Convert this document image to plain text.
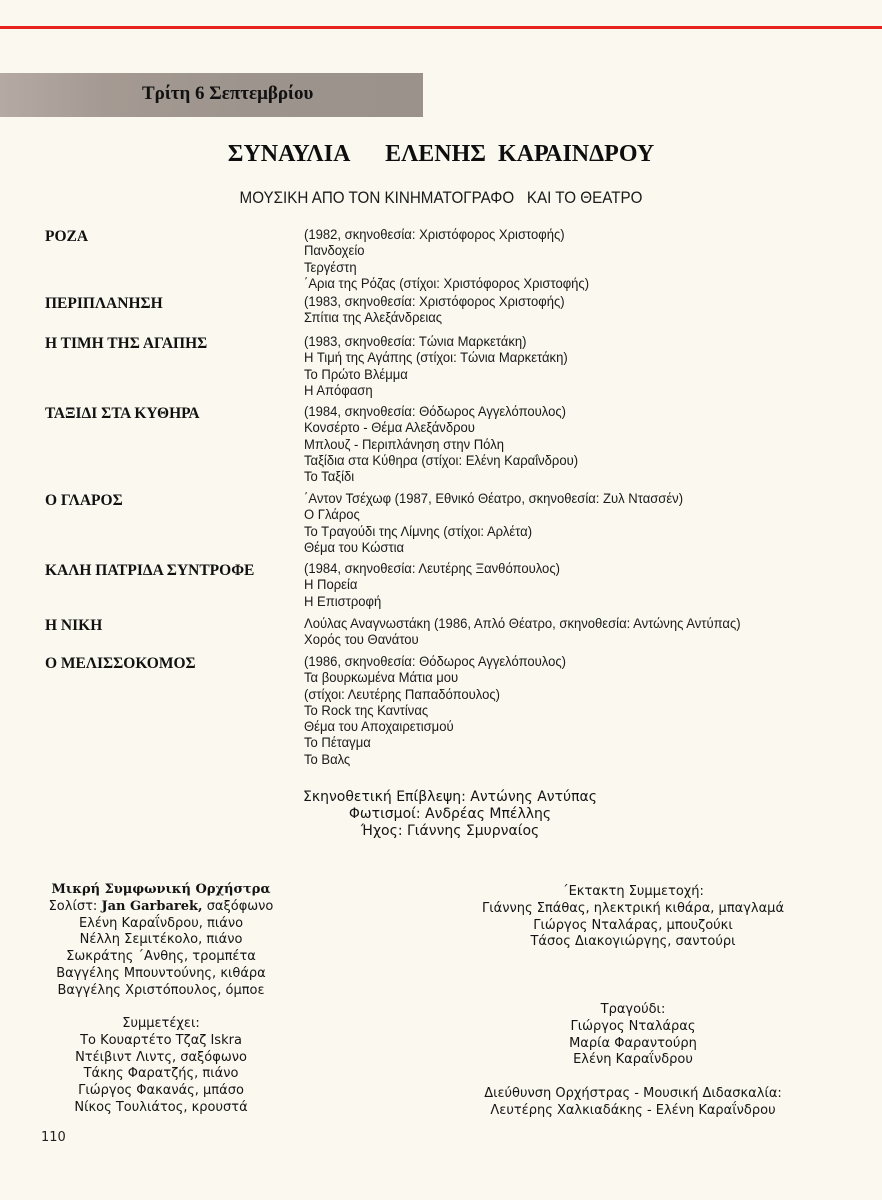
Τρίτη 6 Σεπτεμβρίου
ΣΥΝΑΥΛΙΑ   ΕΛΕΝΗΣ ΚΑΡΑΙΝΔΡΟΥ
ΜΟΥΣΙΚΗ ΑΠΟ ΤΟΝ ΚΙΝΗΜΑΤΟΓΡΑΦΟ   ΚΑΙ ΤΟ ΘΕΑΤΡΟ
ΡΟΖΑ	(1982, σκηνοθεσία: Χριστόφορος Χριστοφής)
Πανδοχείο
Τεργέστη
΄Αρια της Ρόζας (στίχοι: Χριστόφορος Χριστοφής)
ΠΕΡΙΠΛΑΝΗΣΗ	(1983, σκηνοθεσία: Χριστόφορος Χριστοφής)
Σπίτια της Αλεξάνδρειας
Η ΤΙΜΗ ΤΗΣ ΑΓΑΠΗΣ	(1983, σκηνοθεσία: Τώνια Μαρκετάκη)
Η Τιμή της Αγάπης (στίχοι: Τώνια Μαρκετάκη)
Το Πρώτο Βλέμμα
Η Απόφαση
ΤΑΞΙΔΙ ΣΤΑ ΚΥΘΗΡΑ	(1984, σκηνοθεσία: Θόδωρος Αγγελόπουλος)
Κονσέρτο - Θέμα Αλεξάνδρου
Μπλουζ - Περιπλάνηση στην Πόλη
Ταξίδια στα Κύθηρα (στίχοι: Ελένη Καραΐνδρου)
Το Ταξίδι
Ο ΓΛΑΡΟΣ	΄Αντον Τσέχωφ (1987, Εθνικό Θέατρο, σκηνοθεσία: Ζυλ Ντασσέν)
Ο Γλάρος
Το Τραγούδι της Λίμνης (στίχοι: Αρλέτα)
Θέμα του Κώστια
ΚΑΛΗ ΠΑΤΡΙΔΑ ΣΥΝΤΡΟΦΕ	(1984, σκηνοθεσία: Λευτέρης Ξανθόπουλος)
Η Πορεία
Η Επιστροφή
Η ΝΙΚΗ	Λούλας Αναγνωστάκη (1986, Απλό Θέατρο, σκηνοθεσία: Αντώνης Αντύπας)
Χορός του Θανάτου
Ο ΜΕΛΙΣΣΟΚΟΜΟΣ	(1986, σκηνοθεσία: Θόδωρος Αγγελόπουλος)
Τα βουρκωμένα Μάτια μου
(στίχοι: Λευτέρης Παπαδόπουλος)
Το Rock της Καντίνας
Θέμα του Αποχαιρετισμού
Το Πέταγμα
Το Βαλς
Σκηνοθετική Επίβλεψη: Αντώνης Αντύπας
Φωτισμοί: Ανδρέας Μπέλλης
Ήχος: Γιάννης Σμυρναίος
Μικρή Συμφωνική Ορχήστρα
Σολίστ: Jan Garbarek, σαξόφωνο
Ελένη Καραΐνδρου, πιάνο
Νέλλη Σεμιτέκολο, πιάνο
Σωκράτης ΄Ανθης, τρομπέτα
Βαγγέλης Μπουντούνης, κιθάρα
Βαγγέλης Χριστόπουλος, όμποε
Συμμετέχει:
Το Κουαρτέτο Τζαζ Iskra
Ντέιβιντ Λιντς, σαξόφωνο
Τάκης Φαρατζής, πιάνο
Γιώργος Φακανάς, μπάσο
Νίκος Τουλιάτος, κρουστά
΄Εκτακτη Συμμετοχή:
Γιάννης Σπάθας, ηλεκτρική κιθάρα, μπαγλαμά
Γιώργος Νταλάρας, μπουζούκι
Τάσος Διακογιώργης, σαντούρι
Τραγούδι:
Γιώργος Νταλάρας
Μαρία Φαραντούρη
Ελένη Καραΐνδρου
Διεύθυνση Ορχήστρας - Μουσική Διδασκαλία:
Λευτέρης Χαλκιαδάκης - Ελένη Καραΐνδρου
110
